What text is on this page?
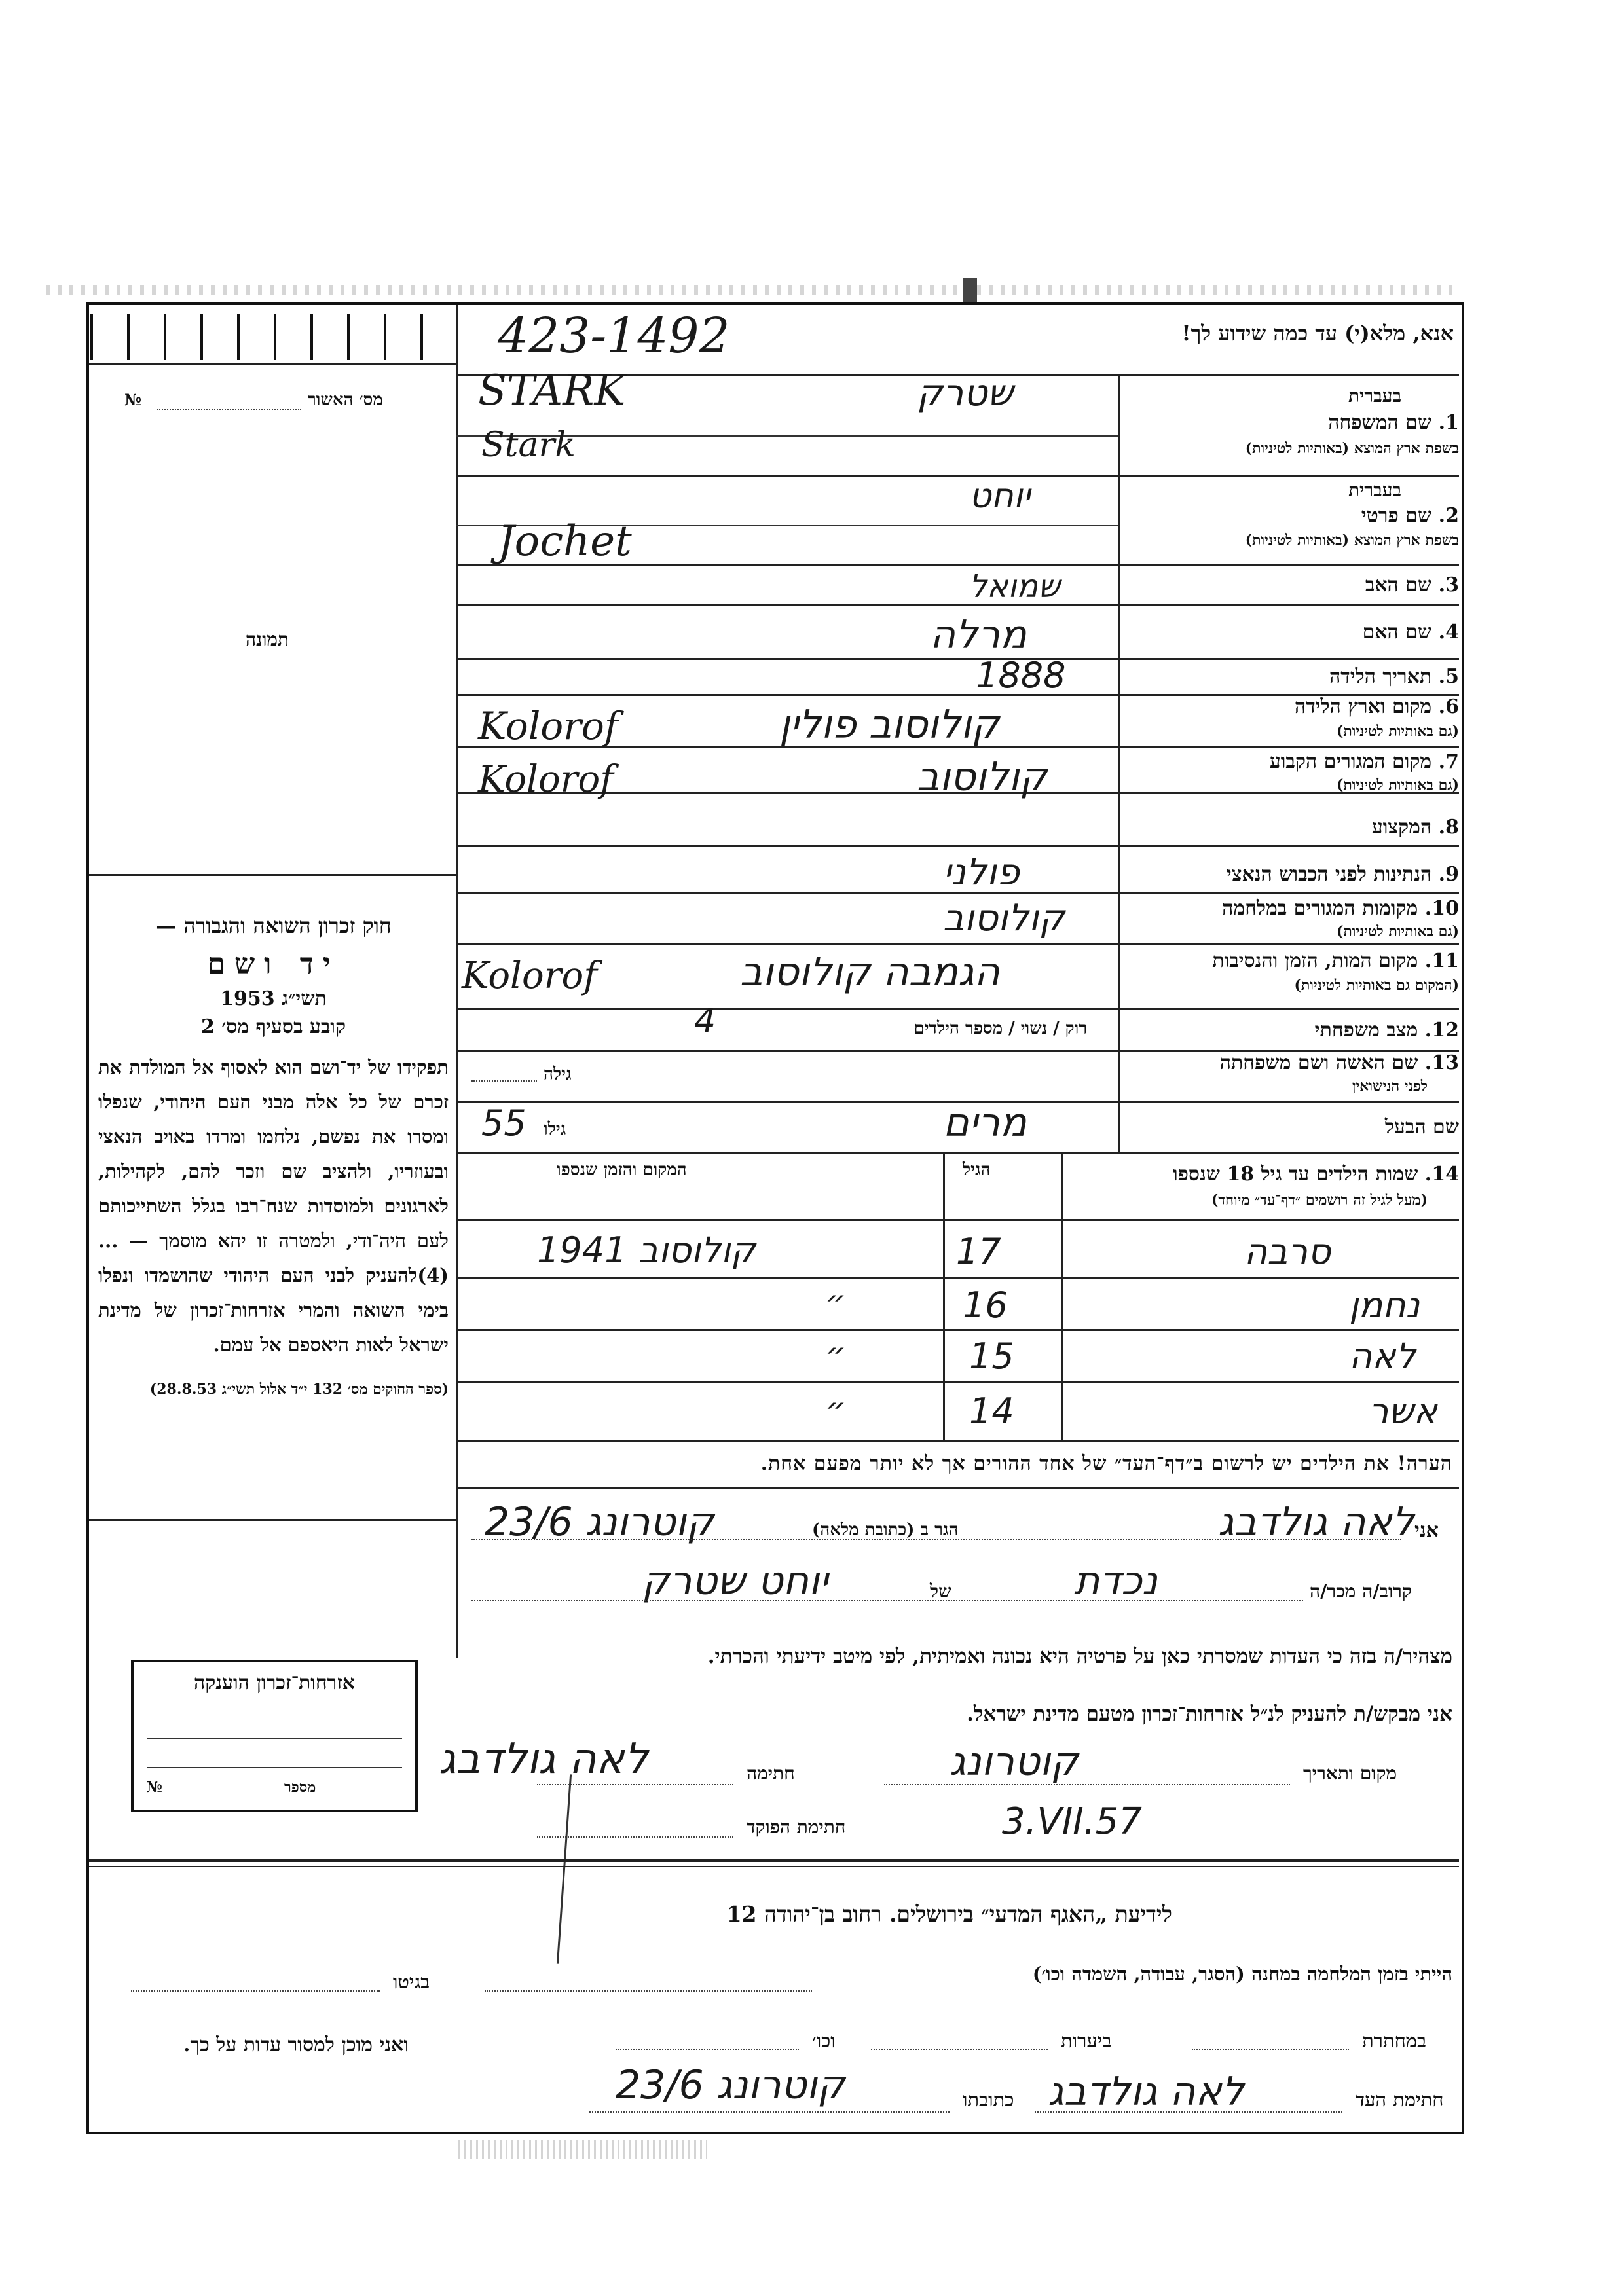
423-1492	אנא, מלא(י) עד כמה שידוע לך!
מס׳ האשור
№
תמונה
בעברית
1. שם המשפחה
בשפת ארץ המוצא (באותיות לטיניות)
שטרק
STARK
Stark
בעברית
2. שם פרטי
בשפת ארץ המוצא (באותיות לטיניות)
יוחט
Jochet
3. שם האב
שמואל
4. שם האם
מרלה
5. תאריך הלידה
1888
6. מקום וארץ הלידה
(גם באותיות לטיניות)
קולוסוב פולין
Kolorof
7. מקום המגורים הקבוע
(גם באותיות לטיניות)
קולוסוב
Kolorof
8. המקצוע
9. הנתינות לפני הכבוש הנאצי
פולני
10. מקומות המגורים במלחמה
(גם באותיות לטיניות)
קולוסוב
11. מקום המות, הזמן והנסיבות
(המקום גם באותיות לטיניות)
הגמבה קולוסוב
Kolorof
12. מצב משפחתי
רוק / נשוי / מספר הילדים
4
13. שם האשה ושם משפחתה
לפני הנישואין
גילה
שם הבעל
מרים
גילו
55
14. שמות הילדים עד גיל 18 שנספו
(מעל לגיל זה רושמים ״דף־עד״ מיוחד)
הגיל
המקום והזמן שנספו
סרבה
17
קולוסוב 1941
נחמן
16
״
לאה
15
״
אשר
14
״
הערה! את הילדים יש לרשום ב״דף־העד״ של אחד ההורים אך לא יותר מפעם אחת.
חוק זכרון השואה והגבורה —
יד ושם
תשי״ג 1953
קובע בסעיף מס׳ 2
תפקידו של יד־ושם הוא לאסוף אל המולדת את זכרם של כל אלה מבני העם היהודי, שנפלו ומסרו את נפשם, נלחמו ומרדו באויב הנאצי ובעוזריו, ולהציב שם וזכר להם, לקהילות, לארגונים ולמוסדות שנח־רבו בגלל השתייכותם לעם היה־ודי, ולמטרה זו יהא מוסמך — ...(4)להעניק לבני העם היהודי שהושמדו ונפלו בימי השואה והמרי אזרחות־זכרון של מדינת ישראל לאות היאספם אל עמם.
(ספר החוקים מס׳ 132 י״ד אלול תשי״ג 28.8.53)
אני
לאה גולדבג
הגר ב (כתובת מלאה)
קוטרונג 23/6
קרוב/ה מכר/ה
נכדת
של
יוחט שטרק
מצהיר/ה בזה כי העדות שמסרתי כאן על פרטיה היא נכונה ואמיתית, לפי מיטב ידיעתי והכרתי.
אני מבקש/ת להעניק לנ״ל אזרחות־זכרון מטעם מדינת ישראל.
מקום ותאריך
קוטרונג
חתימה
לאה גולדבג
חתימת הפוקד	3.VII.57
אזרחות־זכרון הוענקה
מספר
№
לידיעת „האגף המדעי״ בירושלים. רחוב בן־יהודה 12
הייתי בזמן המלחמה במחנה (הסגר, עבודה, השמדה וכו׳)
בגיטו
במחתרת
ביערות
וכו׳
ואני מוכן למסור עדות על כך.
חתימת העד
לאה גולדבג
כתובתו
קוטרונג 23/6
